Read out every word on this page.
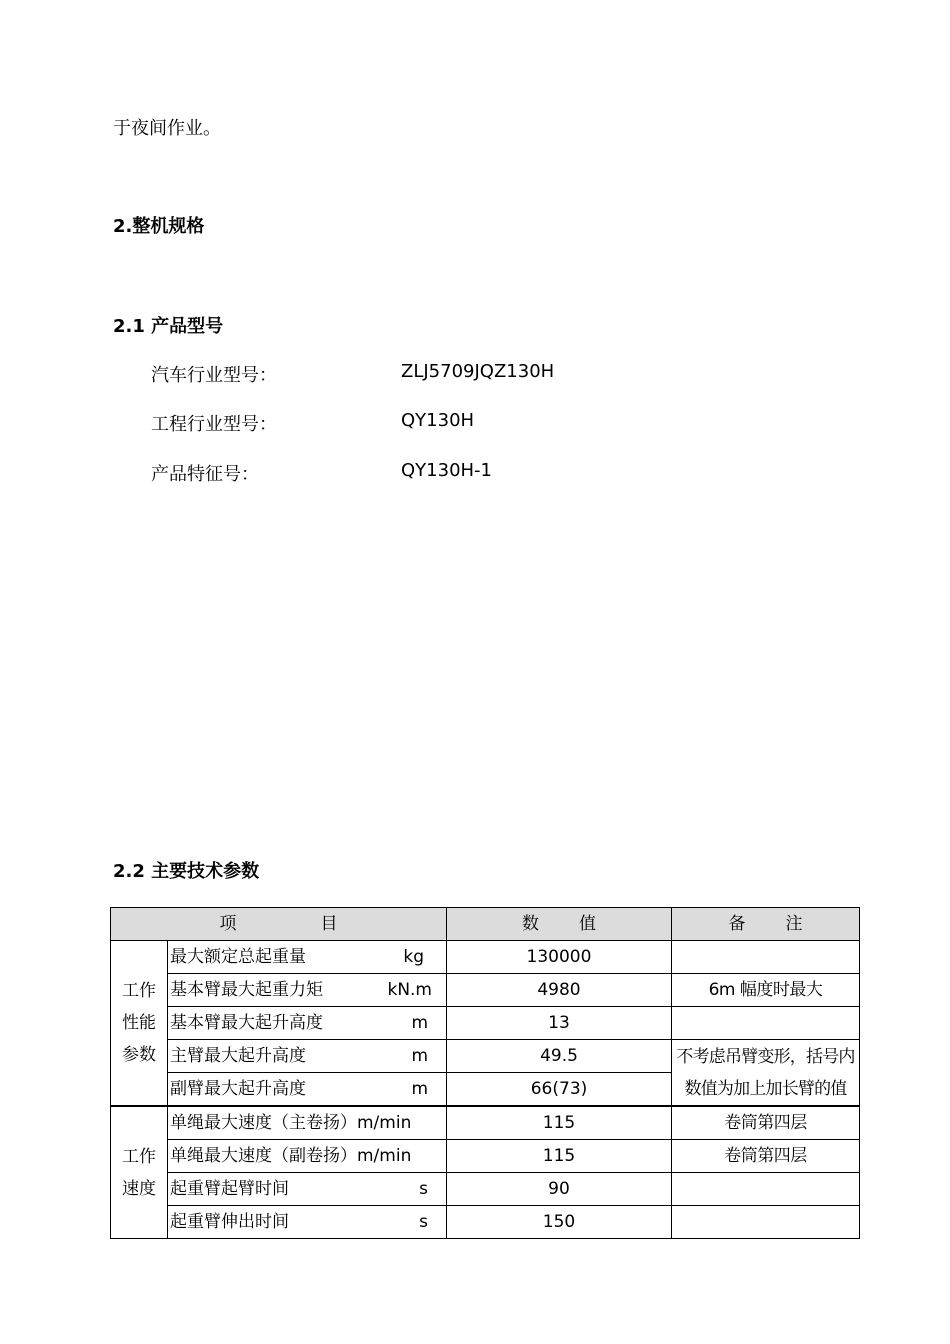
于夜间作业。
2.整机规格
2.1 产品型号
汽车行业型号：	ZLJ5709JQZ130H
工程行业型号：	QY130H
产品特征号：	QY130H-1
2.2 主要技术参数
项 目		数 值	备 注

工作
性能
参数	最大额定总起重量 kg	130000	
	基本臂最大起重力矩 kN.m	4980	6m 幅度时最大
	基本臂最大起升高度 m	13	
	主臂最大起升高度 m	49.5	不考虑吊臂变形，括号内数值为加上加长臂的值
	副臂最大起升高度 m	66(73)	

工作
速度	单绳最大速度（主卷扬）m/min	115	卷筒第四层
	单绳最大速度（副卷扬）m/min	115	卷筒第四层
	起重臂起臂时间 s	90	
	起重臂伸出时间 s	150	
